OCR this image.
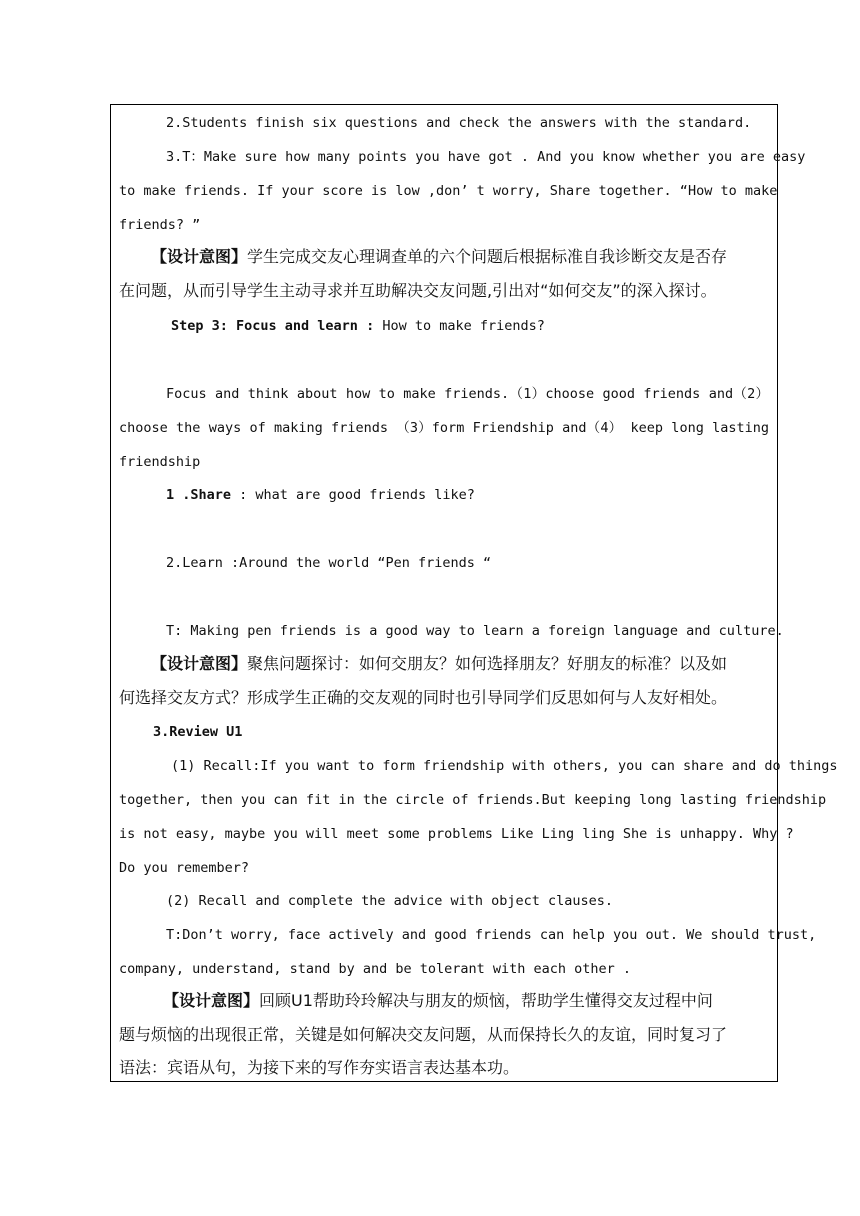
2.Students finish six questions and check the answers with the standard.

3.T：Make sure how many points you have got . And you know whether you are easy

to make friends. If your score is low ,don’ t worry, Share together. “How to make

friends? ”

【设计意图】学生完成交友心理调查单的六个问题后根据标准自我诊断交友是否存

在问题，从而引导学生主动寻求并互助解决交友问题,引出对“如何交友”的深入探讨。

Step 3: Focus and learn : How to make friends?

Focus and think about how to make friends.（1）choose good friends and（2）

choose the ways of making friends （3）form Friendship and（4） keep long lasting

friendship

1 .Share : what are good friends like?

2.Learn :Around the world “Pen friends “

T: Making pen friends is a good way to learn a foreign language and culture.

【设计意图】聚焦问题探讨：如何交朋友？如何选择朋友？好朋友的标准？以及如

何选择交友方式？形成学生正确的交友观的同时也引导同学们反思如何与人友好相处。

3.Review U1

(1) Recall:If you want to form friendship with others, you can share and do things

together, then you can fit in the circle of friends.But keeping long lasting friendship

is not easy, maybe you will meet some problems Like Ling ling She is unhappy. Why ?

Do you remember?

(2) Recall and complete the advice with object clauses.

T:Don’t worry, face actively and good friends can help you out. We should trust,

company, understand, stand by and be tolerant with each other .

【设计意图】回顾U1帮助玲玲解决与朋友的烦恼，帮助学生懂得交友过程中问

题与烦恼的出现很正常，关键是如何解决交友问题，从而保持长久的友谊，同时复习了

语法：宾语从句，为接下来的写作夯实语言表达基本功。
